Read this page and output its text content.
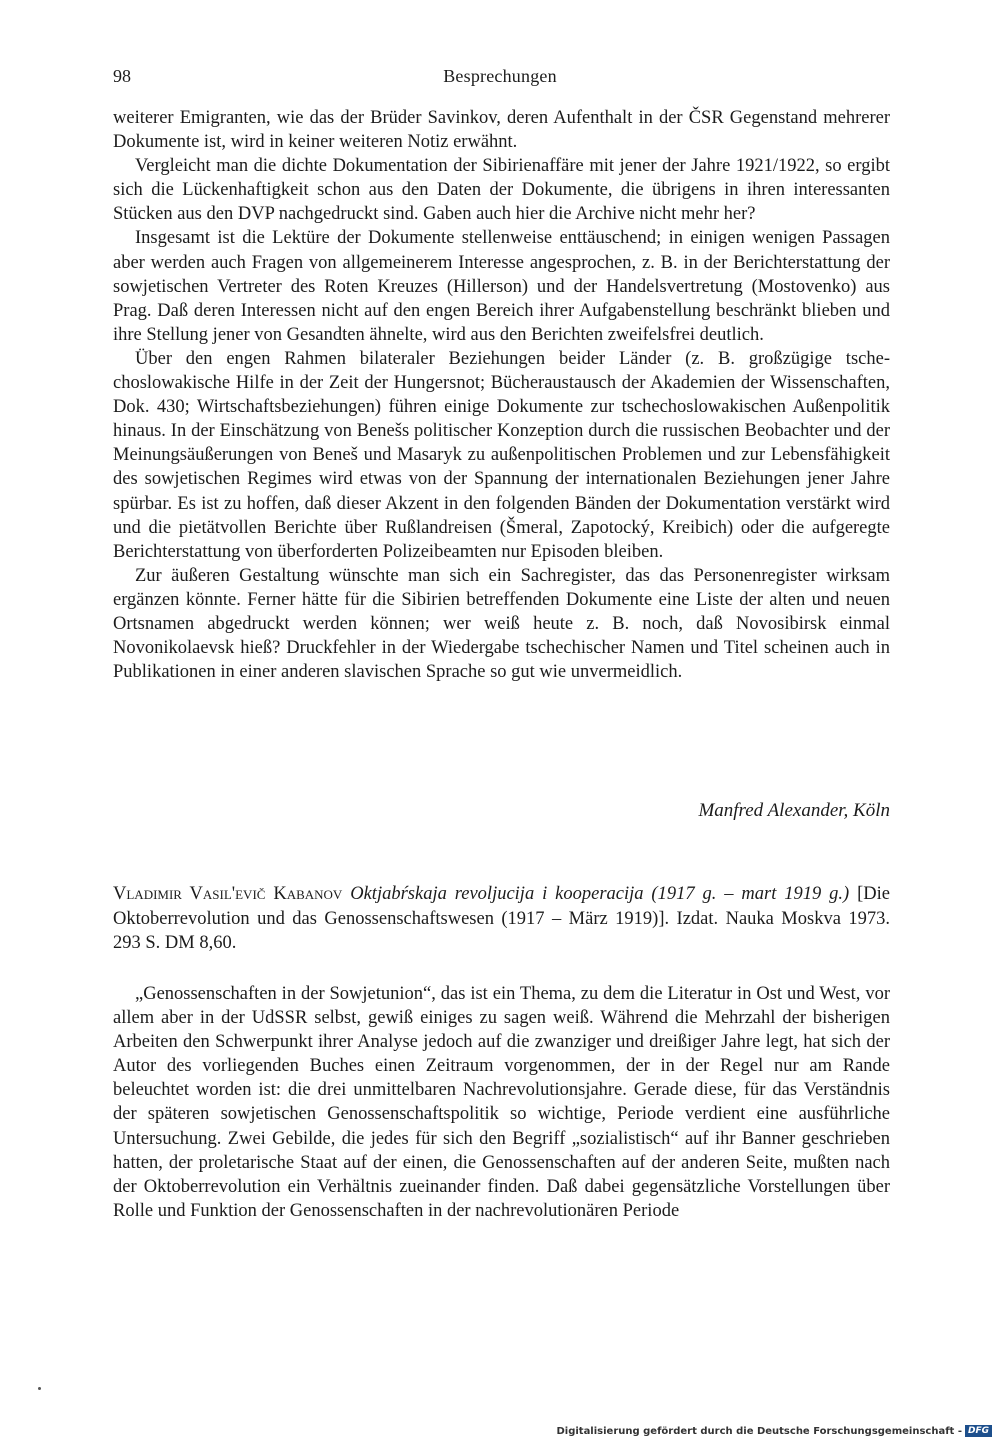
98	Besprechungen

weiterer Emigranten, wie das der Brüder Savinkov, deren Aufenthalt in der ČSR Gegenstand mehrerer Dokumente ist, wird in keiner weiteren Notiz erwähnt.

Vergleicht man die dichte Dokumentation der Sibirienaffäre mit jener der Jahre 1921/1922, so ergibt sich die Lückenhaftigkeit schon aus den Daten der Dokumente, die übrigens in ihren interessanten Stücken aus den DVP nachgedruckt sind. Gaben auch hier die Archive nicht mehr her?

Insgesamt ist die Lektüre der Dokumente stellenweise enttäuschend; in einigen wenigen Passagen aber werden auch Fragen von allgemeinerem Interesse angesprochen, z. B. in der Berichterstattung der sowjetischen Vertreter des Roten Kreuzes (Hillerson) und der Handelsvertretung (Mostovenko) aus Prag. Daß deren Interessen nicht auf den engen Bereich ihrer Aufgabenstellung beschränkt blieben und ihre Stellung jener von Gesandten ähnelte, wird aus den Berichten zweifelsfrei deutlich.

Über den engen Rahmen bilateraler Beziehungen beider Länder (z. B. großzügige tschechoslowakische Hilfe in der Zeit der Hungersnot; Bücheraustausch der Akademien der Wissenschaften, Dok. 430; Wirtschaftsbeziehungen) führen einige Dokumente zur tschechoslowakischen Außenpolitik hinaus. In der Einschätzung von Benešs politischer Konzeption durch die russischen Beobachter und der Meinungsäußerungen von Beneš und Masaryk zu außenpolitischen Problemen und zur Lebensfähigkeit des sowjetischen Regimes wird etwas von der Spannung der internationalen Beziehungen jener Jahre spürbar. Es ist zu hoffen, daß dieser Akzent in den folgenden Bänden der Dokumentation verstärkt wird und die pietätvollen Berichte über Rußlandreisen (Šmeral, Zapotocký, Kreibich) oder die aufgeregte Berichterstattung von überforderten Polizeibeamten nur Episoden bleiben.

Zur äußeren Gestaltung wünschte man sich ein Sachregister, das das Personenregister wirksam ergänzen könnte. Ferner hätte für die Sibirien betreffenden Dokumente eine Liste der alten und neuen Ortsnamen abgedruckt werden können; wer weiß heute z. B. noch, daß Novosibirsk einmal Novonikolaevsk hieß? Druckfehler in der Wiedergabe tschechischer Namen und Titel scheinen auch in Publikationen in einer anderen slavischen Sprache so gut wie unvermeidlich.

Manfred Alexander, Köln
Vladimir Vasil'evič Kabanov Oktjabŕskaja revoljucija i kooperacija (1917 g. – mart 1919 g.) [Die Oktoberrevolution und das Genossenschaftswesen (1917 – März 1919)]. Izdat. Nauka Moskva 1973. 293 S. DM 8,60.

„Genossenschaften in der Sowjetunion“, das ist ein Thema, zu dem die Literatur in Ost und West, vor allem aber in der UdSSR selbst, gewiß einiges zu sagen weiß. Während die Mehrzahl der bisherigen Arbeiten den Schwerpunkt ihrer Analyse jedoch auf die zwanziger und dreißiger Jahre legt, hat sich der Autor des vorliegenden Buches einen Zeitraum vorgenommen, der in der Regel nur am Rande beleuchtet worden ist: die drei unmittelbaren Nachrevolutionsjahre. Gerade diese, für das Verständnis der späteren sowjetischen Genossenschaftspolitik so wichtige, Periode verdient eine ausführliche Untersuchung. Zwei Gebilde, die jedes für sich den Begriff „sozialistisch“ auf ihr Banner geschrieben hatten, der proletarische Staat auf der einen, die Genossenschaften auf der anderen Seite, mußten nach der Oktoberrevolution ein Verhältnis zueinander finden. Daß dabei gegensätzliche Vorstellungen über Rolle und Funktion der Genossenschaften in der nachrevolutionären Periode

Digitalisierung gefördert durch die Deutsche Forschungsgemeinschaft - DFG
